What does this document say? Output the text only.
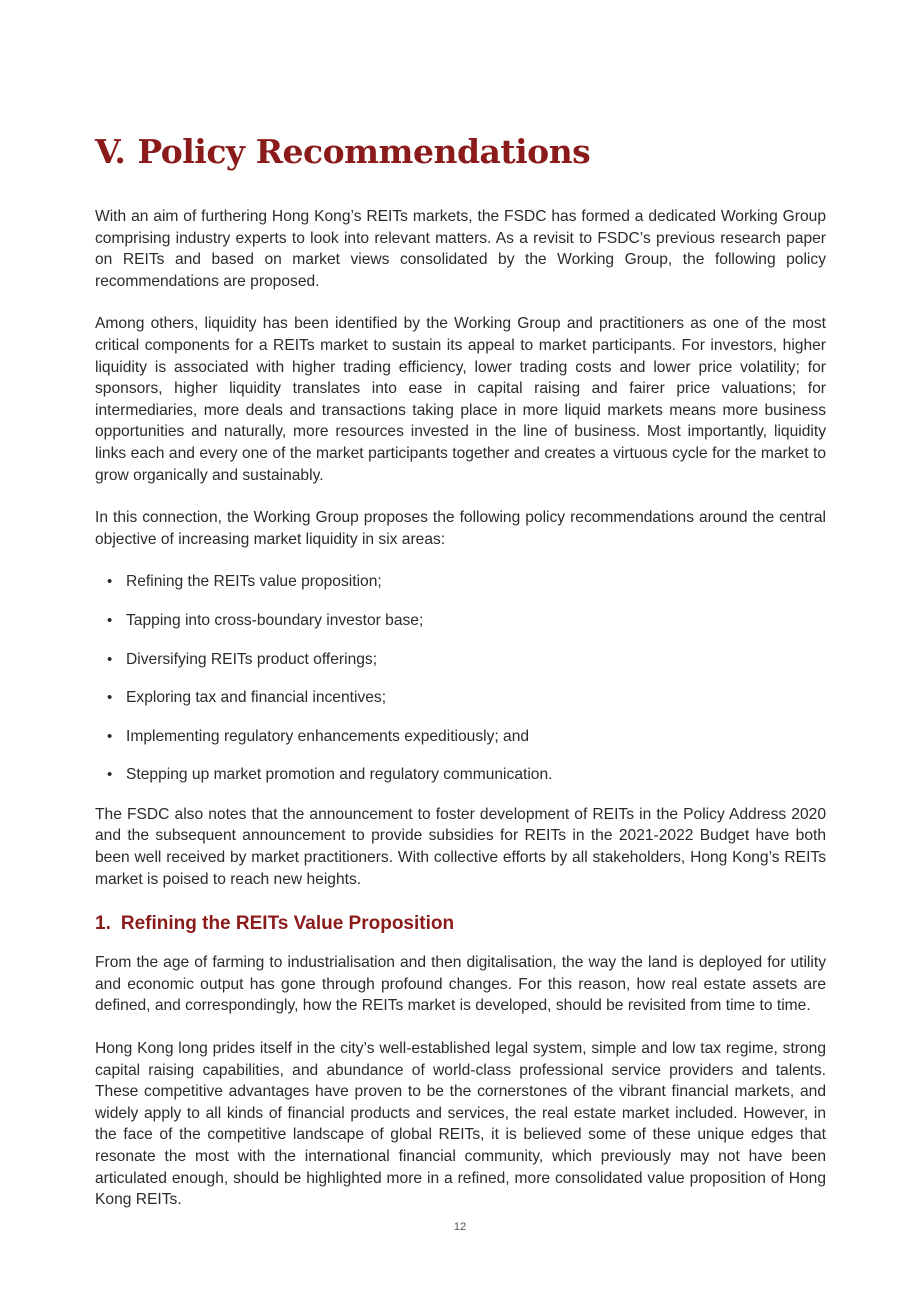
V. Policy Recommendations

With an aim of furthering Hong Kong’s REITs markets, the FSDC has formed a dedicated Working Group comprising industry experts to look into relevant matters. As a revisit to FSDC’s previous research paper on REITs and based on market views consolidated by the Working Group, the following policy recommendations are proposed.

Among others, liquidity has been identified by the Working Group and practitioners as one of the most critical components for a REITs market to sustain its appeal to market participants. For investors, higher liquidity is associated with higher trading efficiency, lower trading costs and lower price volatility; for sponsors, higher liquidity translates into ease in capital raising and fairer price valuations; for intermediaries, more deals and transactions taking place in more liquid markets means more business opportunities and naturally, more resources invested in the line of business. Most importantly, liquidity links each and every one of the market participants together and creates a virtuous cycle for the market to grow organically and sustainably.

In this connection, the Working Group proposes the following policy recommendations around the central objective of increasing market liquidity in six areas:

• Refining the REITs value proposition;
• Tapping into cross-boundary investor base;
• Diversifying REITs product offerings;
• Exploring tax and financial incentives;
• Implementing regulatory enhancements expeditiously; and
• Stepping up market promotion and regulatory communication.

The FSDC also notes that the announcement to foster development of REITs in the Policy Address 2020 and the subsequent announcement to provide subsidies for REITs in the 2021-2022 Budget have both been well received by market practitioners. With collective efforts by all stakeholders, Hong Kong’s REITs market is poised to reach new heights.

1. Refining the REITs Value Proposition

From the age of farming to industrialisation and then digitalisation, the way the land is deployed for utility and economic output has gone through profound changes. For this reason, how real estate assets are defined, and correspondingly, how the REITs market is developed, should be revisited from time to time.

Hong Kong long prides itself in the city’s well-established legal system, simple and low tax regime, strong capital raising capabilities, and abundance of world-class professional service providers and talents. These competitive advantages have proven to be the cornerstones of the vibrant financial markets, and widely apply to all kinds of financial products and services, the real estate market included. However, in the face of the competitive landscape of global REITs, it is believed some of these unique edges that resonate the most with the international financial community, which previously may not have been articulated enough, should be highlighted more in a refined, more consolidated value proposition of Hong Kong REITs.

12
